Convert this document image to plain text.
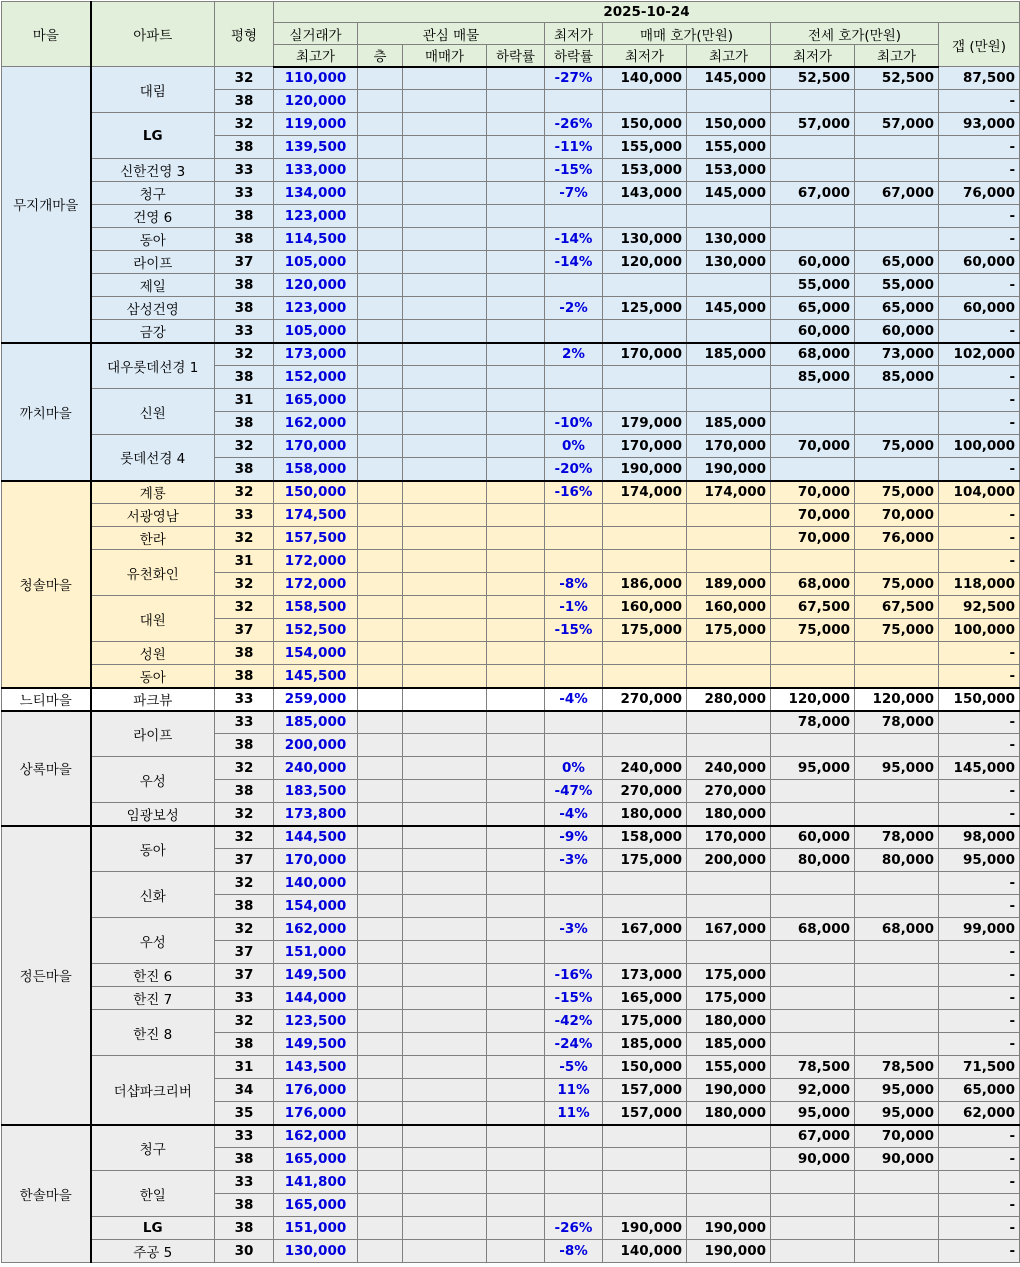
마을	아파트	평형	2025-10-24									
			실거래가	관심 매물			최저가	매매 호가(만원)		전세 호가(만원)		갭 (만원)
			최고가	층	매매가	하락률	하락률	최저가	최고가	최저가	최고가	
무지개마을	대림	32	110,000				-27%	140,000	145,000	52,500	52,500	87,500
		38	120,000									-
	LG	32	119,000				-26%	150,000	150,000	57,000	57,000	93,000
		38	139,500				-11%	155,000	155,000			-
	신한건영 3	33	133,000				-15%	153,000	153,000			-
	청구	33	134,000				-7%	143,000	145,000	67,000	67,000	76,000
	건영 6	38	123,000									-
	동아	38	114,500				-14%	130,000	130,000			-
	라이프	37	105,000				-14%	120,000	130,000	60,000	65,000	60,000
	제일	38	120,000							55,000	55,000	-
	삼성건영	38	123,000				-2%	125,000	145,000	65,000	65,000	60,000
	금강	33	105,000							60,000	60,000	-
까치마을	대우롯데선경 1	32	173,000				2%	170,000	185,000	68,000	73,000	102,000
		38	152,000							85,000	85,000	-
	신원	31	165,000									-
		38	162,000				-10%	179,000	185,000			-
	롯데선경 4	32	170,000				0%	170,000	170,000	70,000	75,000	100,000
		38	158,000				-20%	190,000	190,000			-
청솔마을	계룡	32	150,000				-16%	174,000	174,000	70,000	75,000	104,000
	서광영남	33	174,500							70,000	70,000	-
	한라	32	157,500							70,000	76,000	-
	유천화인	31	172,000									-
		32	172,000				-8%	186,000	189,000	68,000	75,000	118,000
	대원	32	158,500				-1%	160,000	160,000	67,500	67,500	92,500
		37	152,500				-15%	175,000	175,000	75,000	75,000	100,000
	성원	38	154,000									-
	동아	38	145,500									-
느티마을	파크뷰	33	259,000				-4%	270,000	280,000	120,000	120,000	150,000
상록마을	라이프	33	185,000							78,000	78,000	-
		38	200,000									-
	우성	32	240,000				0%	240,000	240,000	95,000	95,000	145,000
		38	183,500				-47%	270,000	270,000			-
	임광보성	32	173,800				-4%	180,000	180,000			-
정든마을	동아	32	144,500				-9%	158,000	170,000	60,000	78,000	98,000
		37	170,000				-3%	175,000	200,000	80,000	80,000	95,000
	신화	32	140,000									-
		38	154,000									-
	우성	32	162,000				-3%	167,000	167,000	68,000	68,000	99,000
		37	151,000									-
	한진 6	37	149,500				-16%	173,000	175,000			-
	한진 7	33	144,000				-15%	165,000	175,000			-
	한진 8	32	123,500				-42%	175,000	180,000			-
		38	149,500				-24%	185,000	185,000			-
	더샵파크리버	31	143,500				-5%	150,000	155,000	78,500	78,500	71,500
		34	176,000				11%	157,000	190,000	92,000	95,000	65,000
		35	176,000				11%	157,000	180,000	95,000	95,000	62,000
한솔마을	청구	33	162,000							67,000	70,000	-
		38	165,000							90,000	90,000	-
	한일	33	141,800									-
		38	165,000									-
	LG	38	151,000				-26%	190,000	190,000			-
	주공 5	30	130,000				-8%	140,000	190,000			-
